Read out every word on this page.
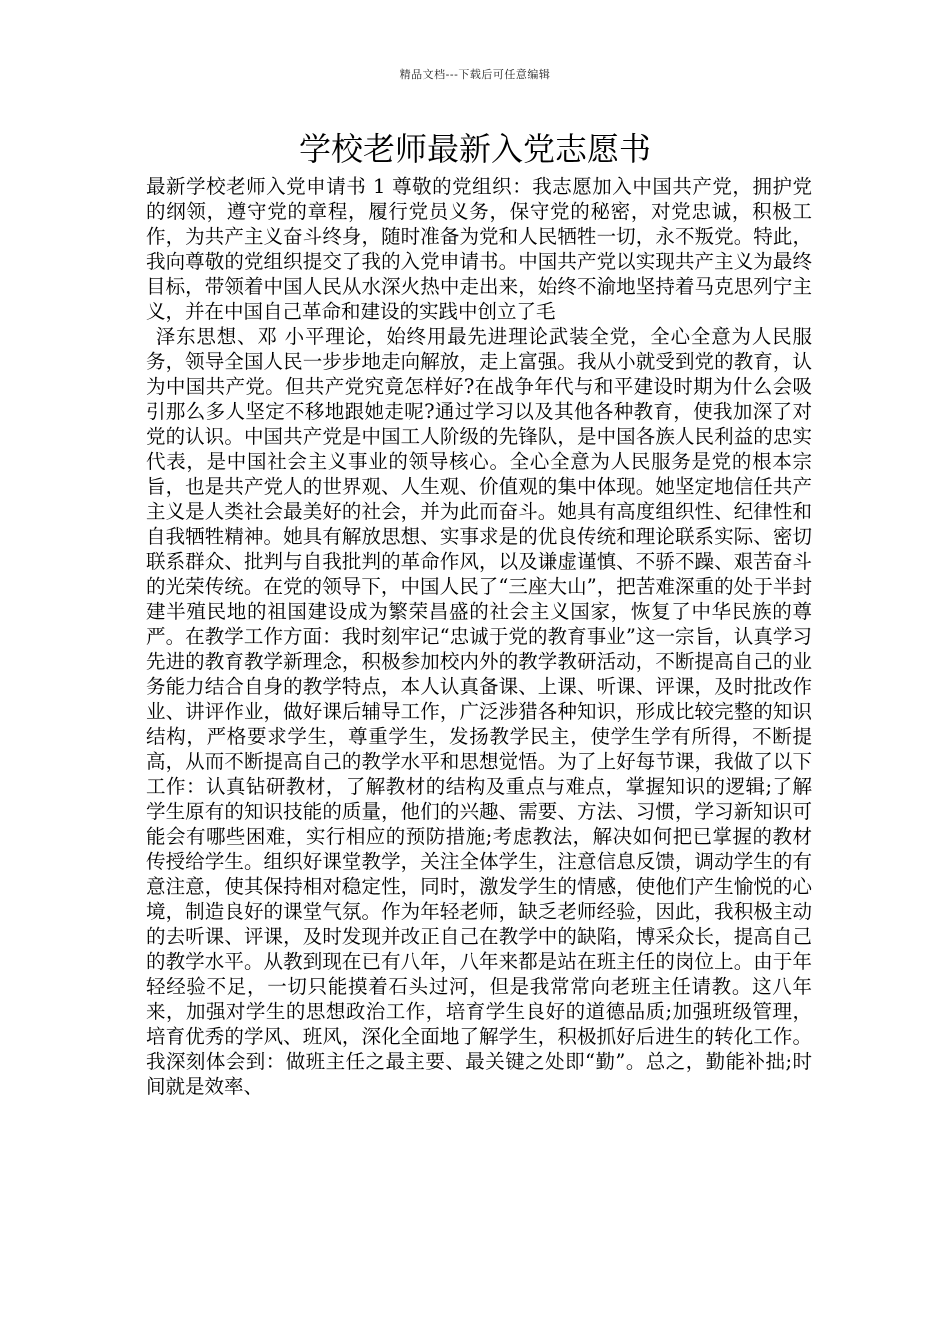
精品文档---下载后可任意编辑
学校老师最新入党志愿书

最新学校老师入党申请书 1 尊敬的党组织：我志愿加入中国共产党，拥护党的纲领，遵守党的章程，履行党员义务，保守党的秘密，对党忠诚，积极工作，为共产主义奋斗终身，随时准备为党和人民牺牲一切，永不叛党。特此，我向尊敬的党组织提交了我的入党申请书。中国共产党以实现共产主义为最终目标，带领着中国人民从水深火热中走出来，始终不渝地坚持着马克思列宁主义，并在中国自己革命和建设的实践中创立了毛

泽东思想、邓 小平理论，始终用最先进理论武装全党，全心全意为人民服务，领导全国人民一步步地走向解放，走上富强。我从小就受到党的教育，认为中国共产党。但共产党究竟怎样好?在战争年代与和平建设时期为什么会吸引那么多人坚定不移地跟她走呢?通过学习以及其他各种教育，使我加深了对党的认识。中国共产党是中国工人阶级的先锋队，是中国各族人民利益的忠实代表，是中国社会主义事业的领导核心。全心全意为人民服务是党的根本宗旨，也是共产党人的世界观、人生观、价值观的集中体现。她坚定地信任共产主义是人类社会最美好的社会，并为此而奋斗。她具有高度组织性、纪律性和自我牺牲精神。她具有解放思想、实事求是的优良传统和理论联系实际、密切联系群众、批判与自我批判的革命作风，以及谦虚谨慎、不骄不躁、艰苦奋斗的光荣传统。在党的领导下，中国人民了“三座大山”，把苦难深重的处于半封建半殖民地的祖国建设成为繁荣昌盛的社会主义国家，恢复了中华民族的尊严。在教学工作方面：我时刻牢记“忠诚于党的教育事业”这一宗旨，认真学习先进的教育教学新理念，积极参加校内外的教学教研活动，不断提高自己的业务能力结合自身的教学特点，本人认真备课、上课、听课、评课，及时批改作业、讲评作业，做好课后辅导工作，广泛涉猎各种知识，形成比较完整的知识结构，严格要求学生，尊重学生，发扬教学民主，使学生学有所得，不断提高，从而不断提高自己的教学水平和思想觉悟。为了上好每节课，我做了以下工作：认真钻研教材，了解教材的结构及重点与难点，掌握知识的逻辑;了解学生原有的知识技能的质量，他们的兴趣、需要、方法、习惯，学习新知识可能会有哪些困难，实行相应的预防措施;考虑教法，解决如何把已掌握的教材传授给学生。组织好课堂教学，关注全体学生，注意信息反馈，调动学生的有意注意，使其保持相对稳定性，同时，激发学生的情感，使他们产生愉悦的心境，制造良好的课堂气氛。作为年轻老师，缺乏老师经验，因此，我积极主动的去听课、评课，及时发现并改正自己在教学中的缺陷，博采众长，提高自己的教学水平。从教到现在已有八年，八年来都是站在班主任的岗位上。由于年轻经验不足，一切只能摸着石头过河，但是我常常向老班主任请教。这八年来，加强对学生的思想政治工作，培育学生良好的道德品质;加强班级管理，培育优秀的学风、班风，深化全面地了解学生，积极抓好后进生的转化工作。我深刻体会到：做班主任之最主要、最关键之处即“勤”。总之，勤能补拙;时间就是效率、
